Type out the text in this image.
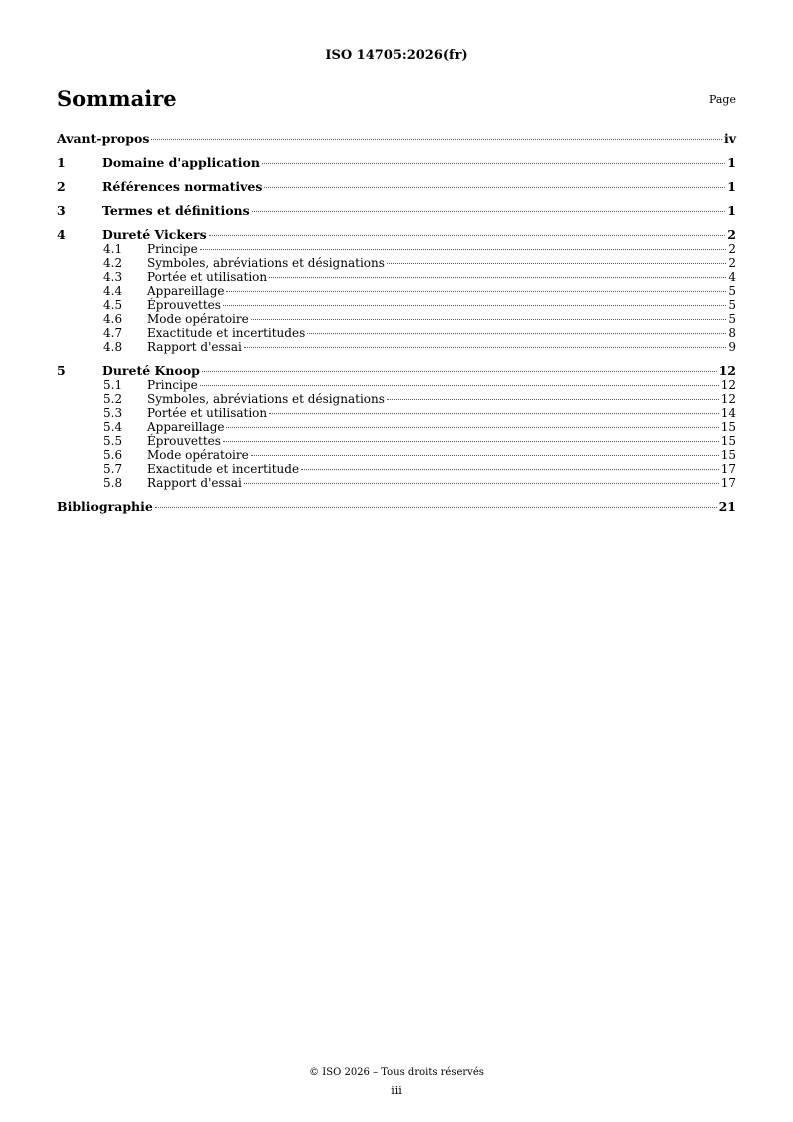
ISO 14705:2026(fr)
Sommaire	Page
Avant-propos	iv
1	Domaine d'application	1
2	Références normatives	1
3	Termes et définitions	1
4	Dureté Vickers	2
4.1	Principe	2
4.2	Symboles, abréviations et désignations	2
4.3	Portée et utilisation	4
4.4	Appareillage	5
4.5	Éprouvettes	5
4.6	Mode opératoire	5
4.7	Exactitude et incertitudes	8
4.8	Rapport d'essai	9
5	Dureté Knoop	12
5.1	Principe	12
5.2	Symboles, abréviations et désignations	12
5.3	Portée et utilisation	14
5.4	Appareillage	15
5.5	Éprouvettes	15
5.6	Mode opératoire	15
5.7	Exactitude et incertitude	17
5.8	Rapport d'essai	17
Bibliographie	21
© ISO 2026 – Tous droits réservés
iii
